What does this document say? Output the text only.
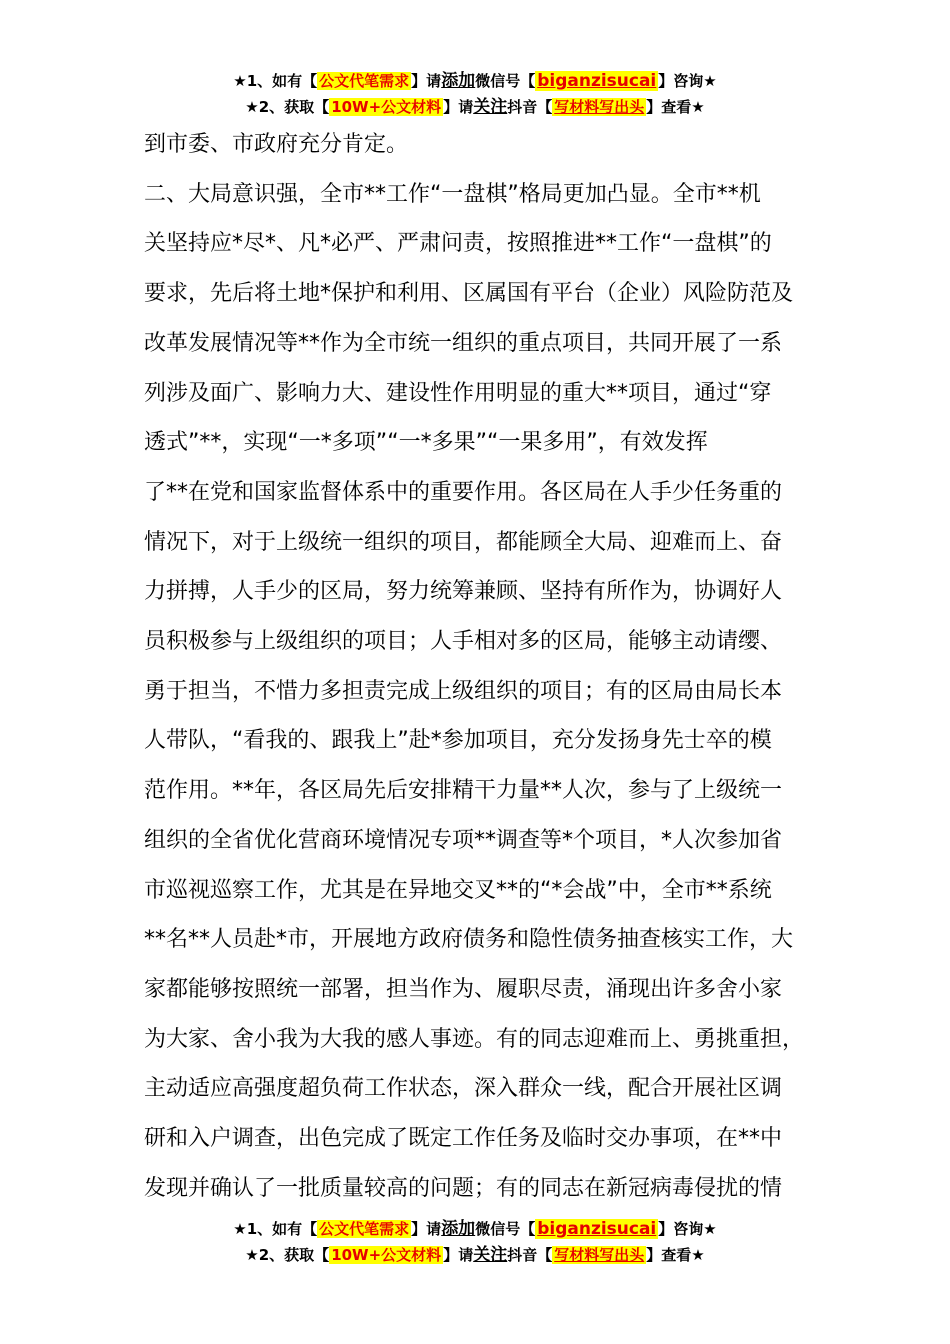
★1、如有【 公文代笔需求 】请添加微信号【 biganzisucai 】咨询★
★2、获取【 10W+公文材料 】请关注抖音【 写材料写出头 】查看★

到市委、市政府充分肯定。

二、大局意识强，全市**工作“一盘棋”格局更加凸显。全市**机

关坚持应*尽*、凡*必严、严肃问责，按照推进**工作“一盘棋”的

要求，先后将土地*保护和利用、区属国有平台（企业）风险防范及

改革发展情况等**作为全市统一组织的重点项目，共同开展了一系

列涉及面广、影响力大、建设性作用明显的重大**项目，通过“穿

透式”**，实现“一*多项”“一*多果”“一果多用”，有效发挥

了**在党和国家监督体系中的重要作用。各区局在人手少任务重的

情况下，对于上级统一组织的项目，都能顾全大局、迎难而上、奋

力拼搏，人手少的区局，努力统筹兼顾、坚持有所作为，协调好人

员积极参与上级组织的项目；人手相对多的区局，能够主动请缨、

勇于担当，不惜力多担责完成上级组织的项目；有的区局由局长本

人带队，“看我的、跟我上”赴*参加项目，充分发扬身先士卒的模

范作用。**年，各区局先后安排精干力量**人次，参与了上级统一

组织的全省优化营商环境情况专项**调查等*个项目，*人次参加省

市巡视巡察工作，尤其是在异地交叉**的“*会战”中，全市**系统

**名**人员赴*市，开展地方政府债务和隐性债务抽查核实工作，大

家都能够按照统一部署，担当作为、履职尽责，涌现出许多舍小家

为大家、舍小我为大我的感人事迹。有的同志迎难而上、勇挑重担，

主动适应高强度超负荷工作状态，深入群众一线，配合开展社区调

研和入户调查，出色完成了既定工作任务及临时交办事项，在**中

发现并确认了一批质量较高的问题；有的同志在新冠病毒侵扰的情

★1、如有【 公文代笔需求 】请添加微信号【 biganzisucai 】咨询★
★2、获取【 10W+公文材料 】请关注抖音【 写材料写出头 】查看★
